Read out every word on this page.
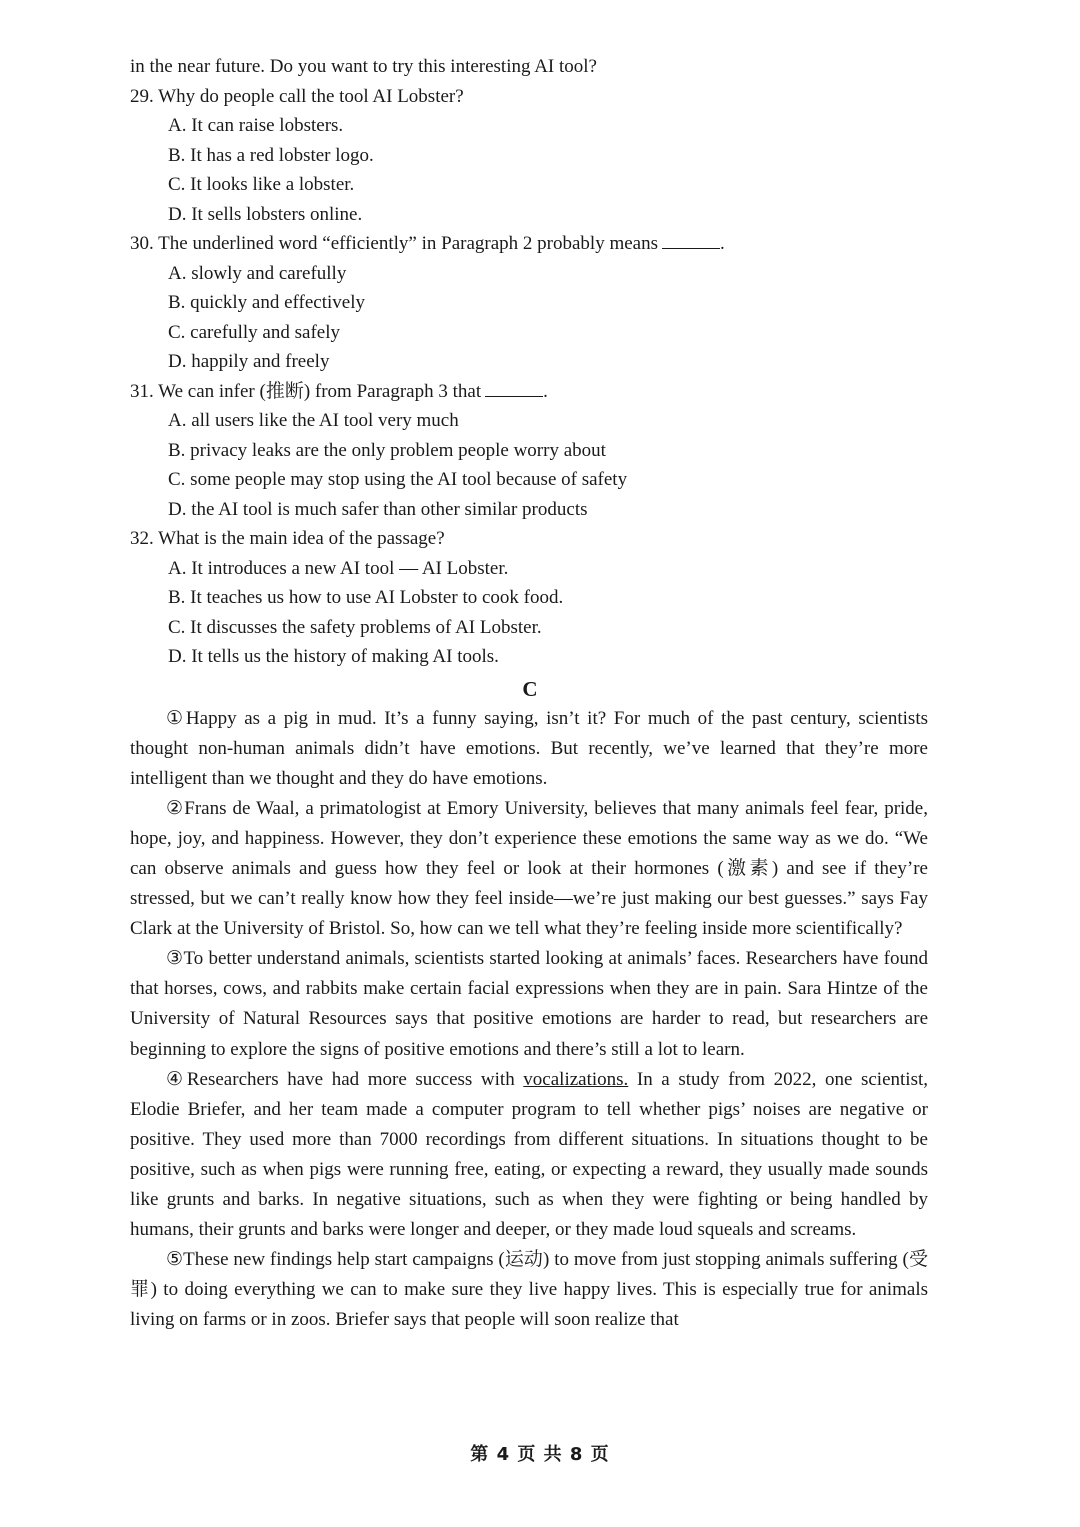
in the near future. Do you want to try this interesting AI tool?
29. Why do people call the tool AI Lobster?
A. It can raise lobsters.
B. It has a red lobster logo.
C. It looks like a lobster.
D. It sells lobsters online.
30. The underlined word “efficiently” in Paragraph 2 probably means	.
A. slowly and carefully
B. quickly and effectively
C. carefully and safely
D. happily and freely
31. We can infer (推断) from Paragraph 3 that	.
A. all users like the AI tool very much
B. privacy leaks are the only problem people worry about
C. some people may stop using the AI tool because of safety
D. the AI tool is much safer than other similar products
32. What is the main idea of the passage?
A. It introduces a new AI tool — AI Lobster.
B. It teaches us how to use AI Lobster to cook food.
C. It discusses the safety problems of AI Lobster.
D. It tells us the history of making AI tools.
C

①Happy as a pig in mud. It’s a funny saying, isn’t it? For much of the past century, scientists thought non-human animals didn’t have emotions. But recently, we’ve learned that they’re more intelligent than we thought and they do have emotions.

②Frans de Waal, a primatologist at Emory University, believes that many animals feel fear, pride, hope, joy, and happiness. However, they don’t experience these emotions the same way as we do. “We can observe animals and guess how they feel or look at their hormones (激素) and see if they’re stressed, but we can’t really know how they feel inside—we’re just making our best guesses.” says Fay Clark at the University of Bristol. So, how can we tell what they’re feeling inside more scientifically?

③To better understand animals, scientists started looking at animals’ faces. Researchers have found that horses, cows, and rabbits make certain facial expressions when they are in pain. Sara Hintze of the University of Natural Resources says that positive emotions are harder to read, but researchers are beginning to explore the signs of positive emotions and there’s still a lot to learn.

④Researchers have had more success with vocalizations. In a study from 2022, one scientist, Elodie Briefer, and her team made a computer program to tell whether pigs’ noises are negative or positive. They used more than 7000 recordings from different situations. In situations thought to be positive, such as when pigs were running free, eating, or expecting a reward, they usually made sounds like grunts and barks. In negative situations, such as when they were fighting or being handled by humans, their grunts and barks were longer and deeper, or they made loud squeals and screams.

⑤These new findings help start campaigns (运动) to move from just stopping animals suffering (受罪) to doing everything we can to make sure they live happy lives. This is especially true for animals living on farms or in zoos. Briefer says that people will soon realize that

第 4 页 共 8 页
